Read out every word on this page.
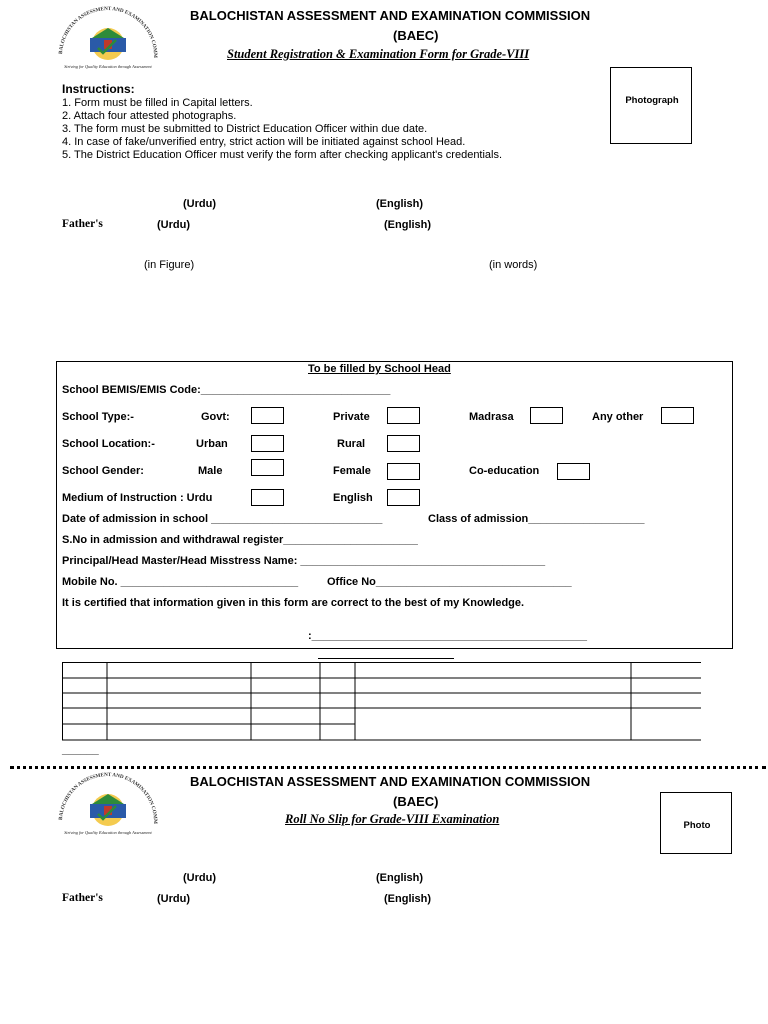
BALOCHISTAN ASSESSMENT AND EXAMINATION COMM
Striving for Quality Education through Assessment
BALOCHISTAN ASSESSMENT AND EXAMINATION COMMISSION
(BAEC)
Student Registration & Examination Form for Grade-VIII
Photograph
Instructions:
1. Form must be filled in Capital letters.
2. Attach four attested photographs.
3. The form must be submitted to District Education Officer within due date.
4. In case of fake/unverified entry, strict action will be initiated against school Head.
5. The District Education Officer must verify the form after checking applicant's credentials.
(Urdu)	(English)
Father's	(Urdu)	(English)
(in Figure)	(in words)
To be filled by School Head
School BEMIS/EMIS Code:_______________________________
School Type:-	Govt:	Private	Madrasa	Any other
School Location:-	Urban	Rural
School Gender:	Male	Female	Co-education
Medium of Instruction : Urdu	English
Date of admission in school ____________________________	Class of admission___________________
S.No in admission and withdrawal register______________________
Principal/Head Master/Head Misstress Name: ________________________________________
Mobile No. _____________________________	Office No________________________________
It is certified that information given in this form are correct to the best of my Knowledge.
:_____________________________________________
______
BALOCHISTAN ASSESSMENT AND EXAMINATION COMM
Striving for Quality Education through Assessment
BALOCHISTAN ASSESSMENT AND EXAMINATION COMMISSION
(BAEC)
Roll No Slip for Grade-VIII Examination	Photo
(Urdu)	(English)
Father's	(Urdu)	(English)
